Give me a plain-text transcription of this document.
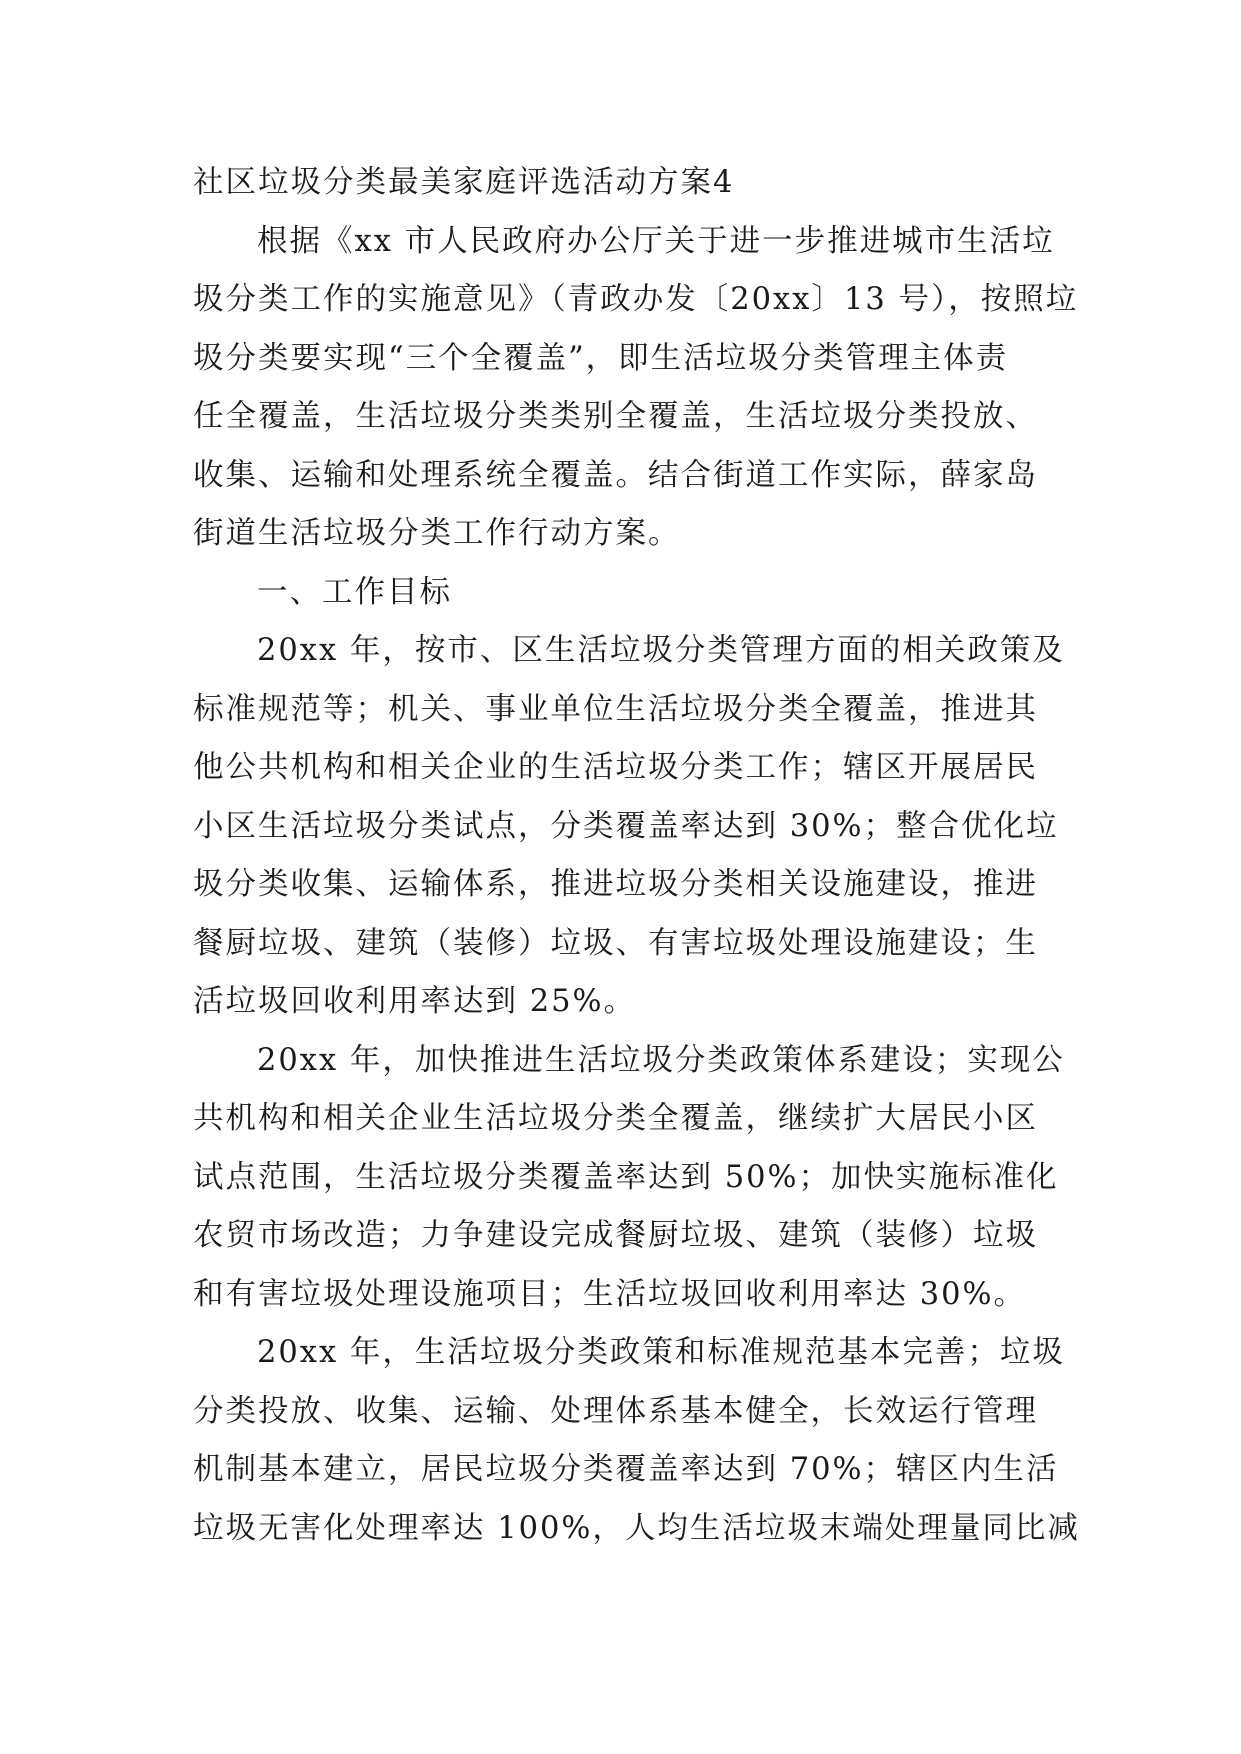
社区垃圾分类最美家庭评选活动方案4
根据《xx 市人民政府办公厅关于进一步推进城市生活垃
圾分类工作的实施意见》（青政办发〔20xx〕13 号），按照垃
圾分类要实现“三个全覆盖”，即生活垃圾分类管理主体责
任全覆盖，生活垃圾分类类别全覆盖，生活垃圾分类投放、
收集、运输和处理系统全覆盖。结合街道工作实际，薛家岛
街道生活垃圾分类工作行动方案。
一、工作目标
20xx 年，按市、区生活垃圾分类管理方面的相关政策及
标准规范等；机关、事业单位生活垃圾分类全覆盖，推进其
他公共机构和相关企业的生活垃圾分类工作；辖区开展居民
小区生活垃圾分类试点，分类覆盖率达到 30%；整合优化垃
圾分类收集、运输体系，推进垃圾分类相关设施建设，推进
餐厨垃圾、建筑（装修）垃圾、有害垃圾处理设施建设；生
活垃圾回收利用率达到 25%。
20xx 年，加快推进生活垃圾分类政策体系建设；实现公
共机构和相关企业生活垃圾分类全覆盖，继续扩大居民小区
试点范围，生活垃圾分类覆盖率达到 50%；加快实施标准化
农贸市场改造；力争建设完成餐厨垃圾、建筑（装修）垃圾
和有害垃圾处理设施项目；生活垃圾回收利用率达 30%。
20xx 年，生活垃圾分类政策和标准规范基本完善；垃圾
分类投放、收集、运输、处理体系基本健全，长效运行管理
机制基本建立，居民垃圾分类覆盖率达到 70%；辖区内生活
垃圾无害化处理率达 100%，人均生活垃圾末端处理量同比减
